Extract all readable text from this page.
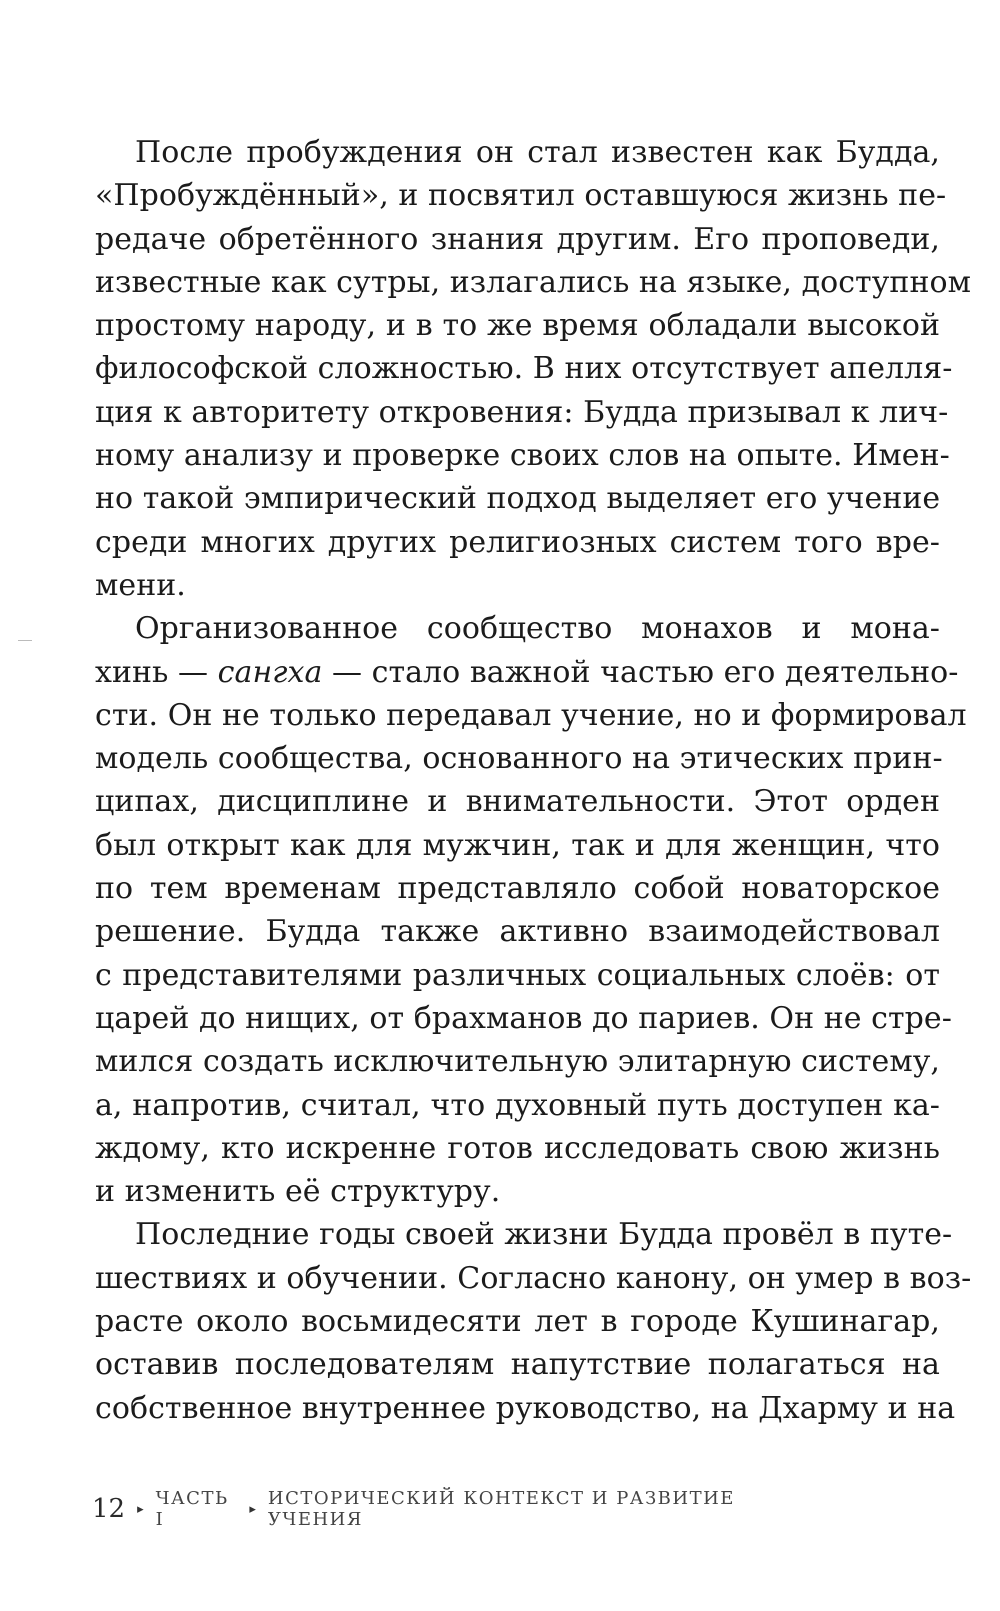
После пробуждения он стал известен как Будда,
«Пробуждённый», и посвятил оставшуюся жизнь пе-
редаче обретённого знания другим. Его проповеди,
известные как сутры, излагались на языке, доступном
простому народу, и в то же время обладали высокой
философской сложностью. В них отсутствует апелля-
ция к авторитету откровения: Будда призывал к лич-
ному анализу и проверке своих слов на опыте. Имен-
но такой эмпирический подход выделяет его учение
среди многих других религиозных систем того вре-
мени.
Организованное сообщество монахов и мона-
хинь — сангха — стало важной частью его деятельно-
сти. Он не только передавал учение, но и формировал
модель сообщества, основанного на этических прин-
ципах, дисциплине и внимательности. Этот орден
был открыт как для мужчин, так и для женщин, что
по тем временам представляло собой новаторское
решение. Будда также активно взаимодействовал
с представителями различных социальных слоёв: от
царей до нищих, от брахманов до париев. Он не стре-
мился создать исключительную элитарную систему,
а, напротив, считал, что духовный путь доступен ка-
ждому, кто искренне готов исследовать свою жизнь
и изменить её структуру.
Последние годы своей жизни Будда провёл в путе-
шествиях и обучении. Согласно канону, он умер в воз-
расте около восьмидесяти лет в городе Кушинагар,
оставив последователям напутствие полагаться на
собственное внутреннее руководство, на Дхарму и на
12 ▸ ЧАСТЬ I	▸ ИСТОРИЧЕСКИЙ КОНТЕКСТ И РАЗВИТИЕ УЧЕНИЯ
